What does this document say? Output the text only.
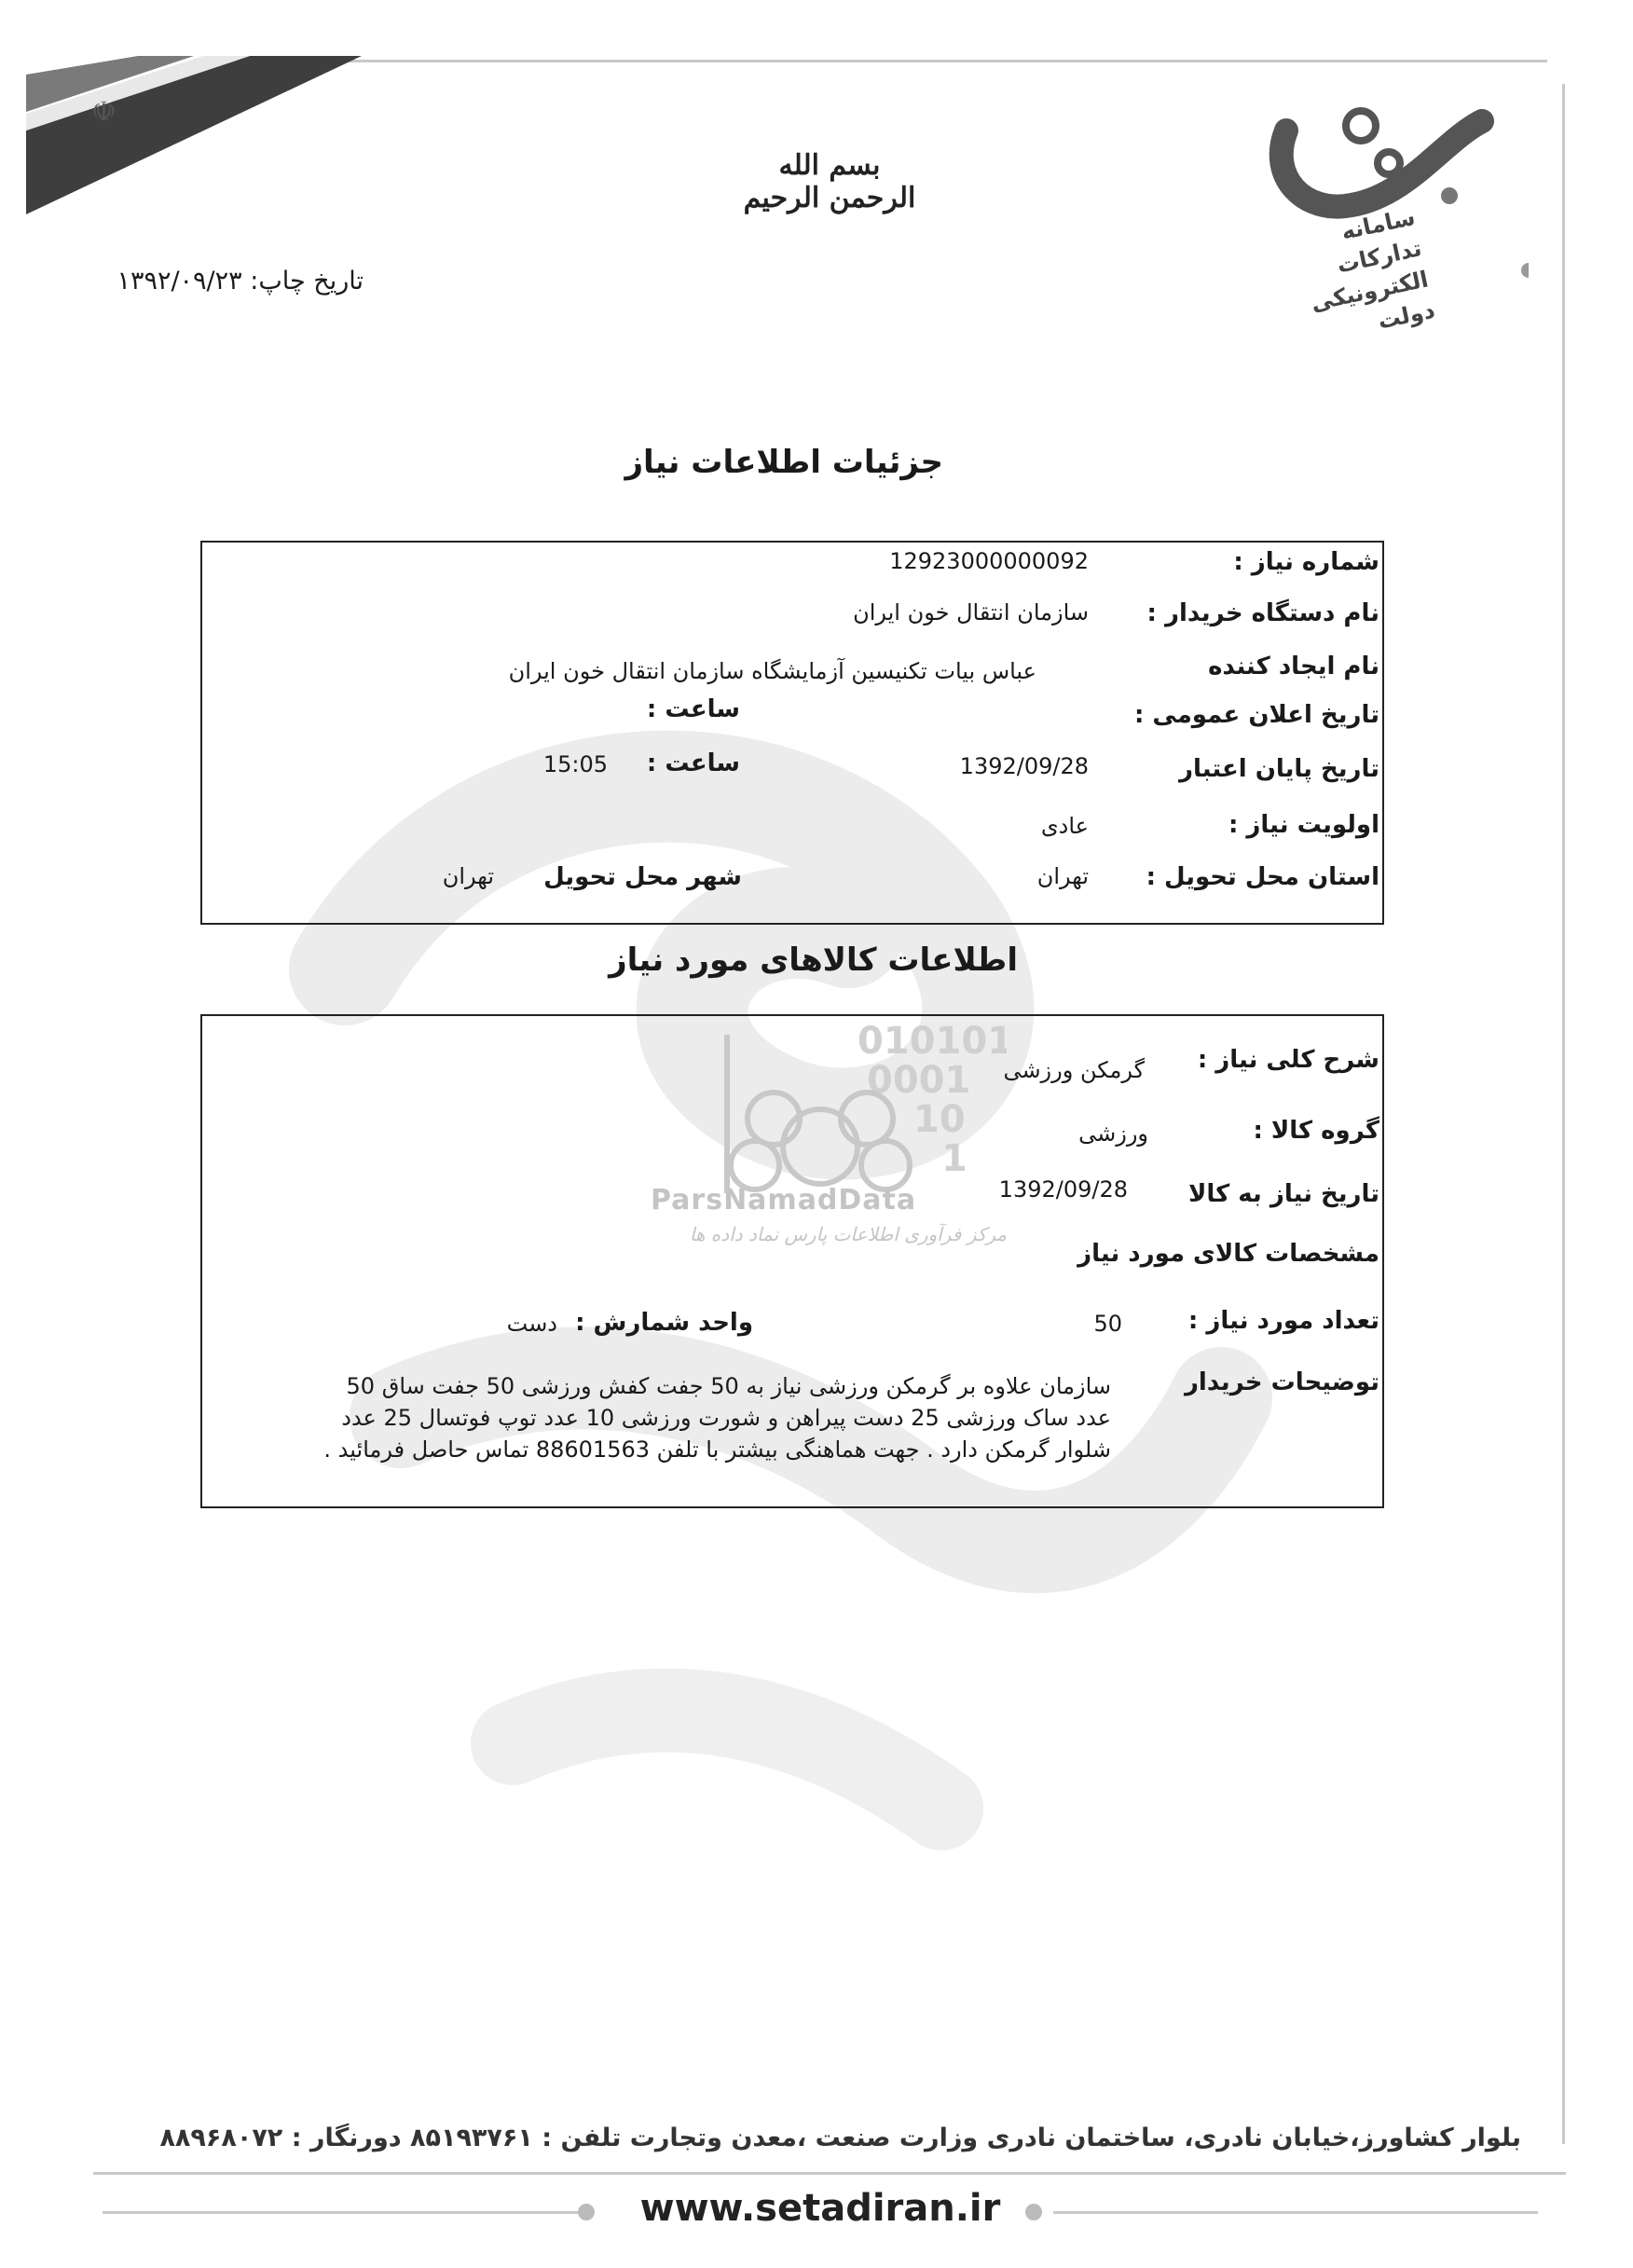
☫
سامانه تدارکات الکترونیکی دولت
بسم الله الرحمن الرحيم
تاریخ چاپ: ۱۳۹۲/۰۹/۲۳
جزئیات اطلاعات نیاز
شماره نیاز :
12923000000092
نام دستگاه خریدار :
سازمان انتقال خون ایران
نام ایجاد کننده
عباس بیات تکنیسین آزمایشگاه سازمان انتقال خون ایران
تاریخ اعلان عمومی :
ساعت :
تاریخ پایان اعتبار
1392/09/28
ساعت :
15:05
اولویت نیاز :
عادی
استان محل تحویل :
تهران
شهر محل تحویل
تهران
اطلاعات کالاهای مورد نیاز
010101
0001
10
1
ParsNamadData
مرکز فرآوری اطلاعات پارس نماد داده ها
شرح کلی نیاز :
گرمکن ورزشی
گروه کالا :
ورزشی
تاریخ نیاز به کالا
1392/09/28
مشخصات کالای مورد نیاز
تعداد مورد نیاز :
50
واحد شمارش :
دست
توضیحات خریدار
سازمان علاوه بر گرمکن ورزشی نیاز به 50 جفت کفش ورزشی 50 جفت ساق 50
عدد ساک ورزشی 25 دست پیراهن و شورت ورزشی 10 عدد توپ فوتسال 25 عدد
شلوار گرمکن دارد . جهت هماهنگی بیشتر با تلفن 88601563 تماس حاصل فرمائید .
بلوار کشاورز،خیابان نادری، ساختمان نادری وزارت صنعت ،معدن وتجارت تلفن : ۸۵۱۹۳۷۶۱ دورنگار : ۸۸۹۶۸۰۷۲
www.setadiran.ir
